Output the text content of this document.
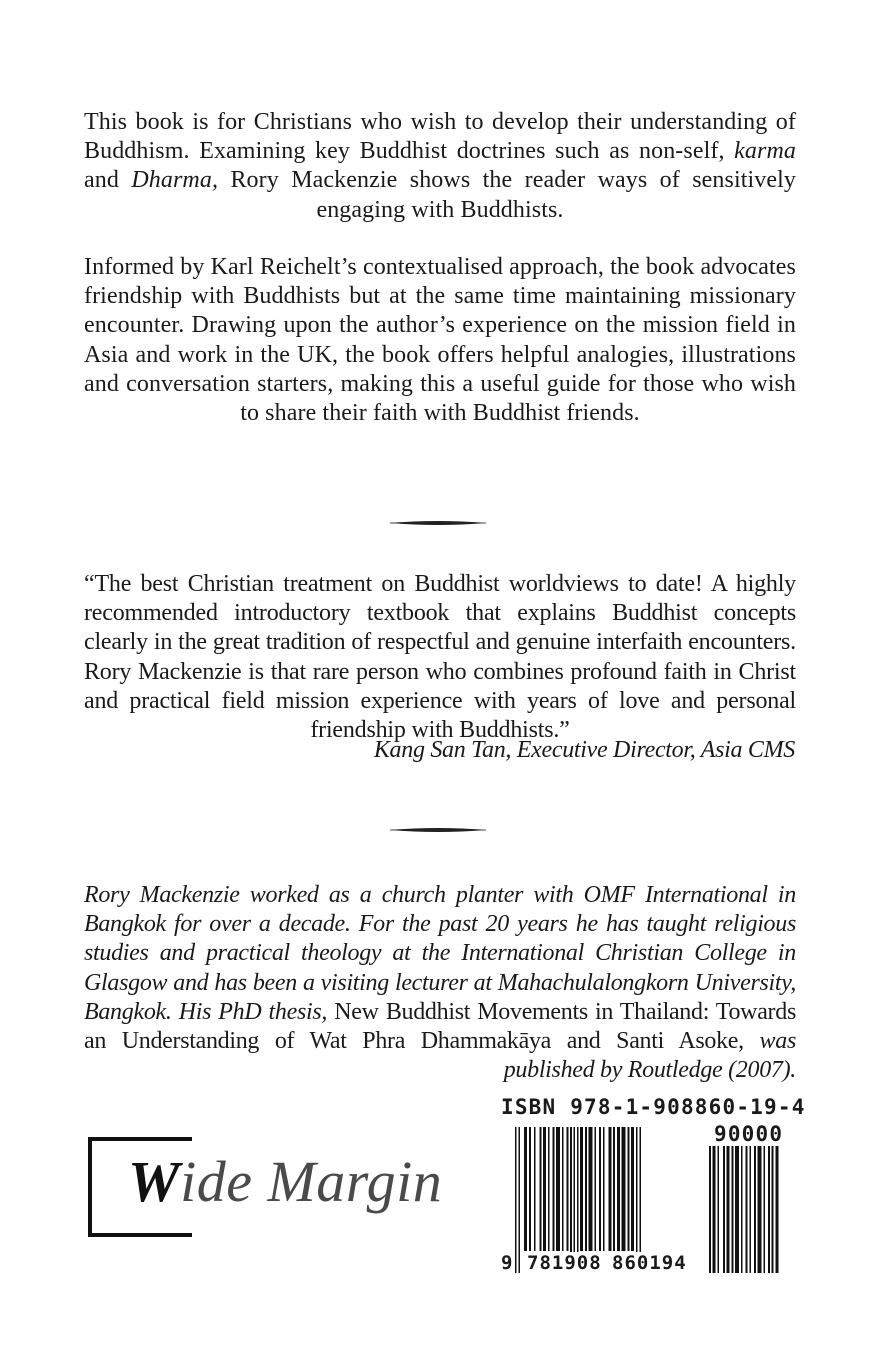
This book is for Christians who wish to develop their understanding of Buddhism. Examining key Buddhist doctrines such as non-self, karma and Dharma, Rory Mackenzie shows the reader ways of sensitively engaging with Buddhists.
Informed by Karl Reichelt’s contextualised approach, the book advocates friendship with Buddhists but at the same time maintaining missionary encounter. Drawing upon the author’s experience on the mission field in Asia and work in the UK, the book offers helpful analogies, illustrations and conversation starters, making this a useful guide for those who wish to share their faith with Buddhist friends.
“The best Christian treatment on Buddhist worldviews to date! A highly recommended introductory textbook that explains Buddhist concepts clearly in the great tradition of respectful and genuine interfaith encounters. Rory Mackenzie is that rare person who combines profound faith in Christ and practical field mission experience with years of love and personal friendship with Buddhists.”
Kang San Tan, Executive Director, Asia CMS
Rory Mackenzie worked as a church planter with OMF International in Bangkok for over a decade. For the past 20 years he has taught religious studies and practical theology at the International Christian College in Glasgow and has been a visiting lecturer at Mahachulalongkorn University, Bangkok. His PhD thesis, New Buddhist Movements in Thailand: Towards an Understanding of Wat Phra Dhammakāya and Santi Asoke, was published by Routledge (2007).
Wide Margin
ISBN 978-1-908860-19-4
90000
9 781908 860194
